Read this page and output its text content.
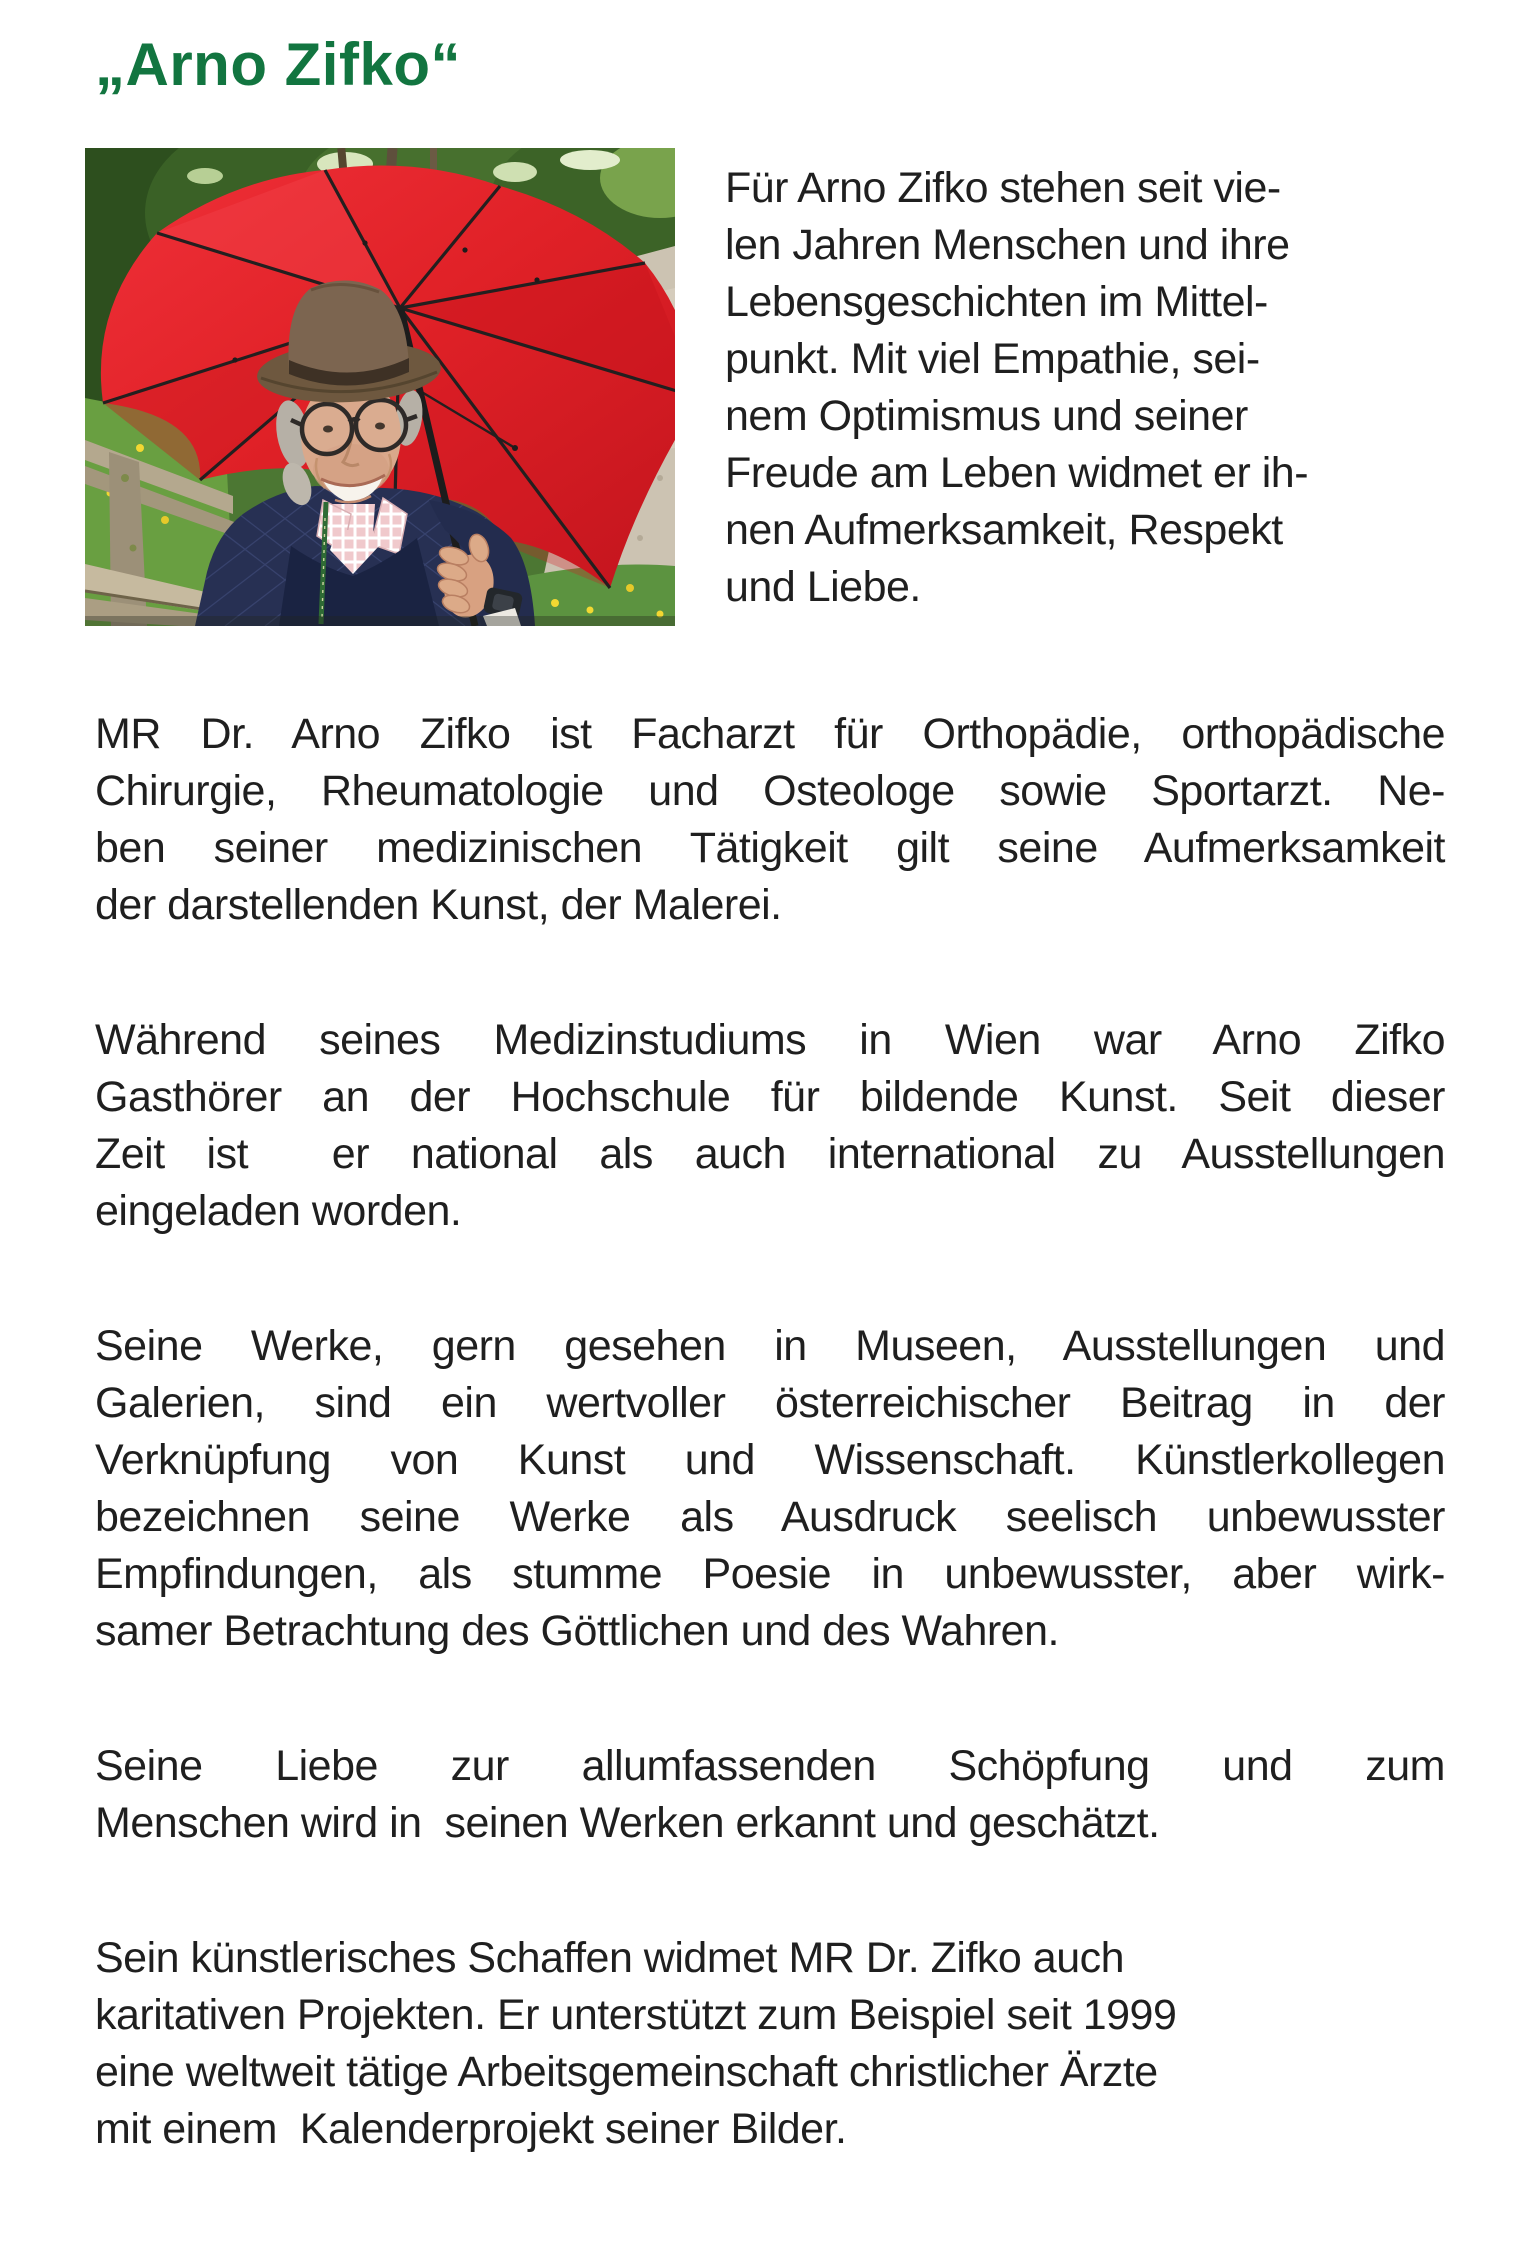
„Arno Zifko“
Für Arno Zifko stehen seit vie-
len Jahren Menschen und ihre
Lebensgeschichten im Mittel-
punkt. Mit viel Empathie, sei-
nem Optimismus und seiner
Freude am Leben widmet er ih-
nen Aufmerksamkeit, Respekt
und Liebe.
MR Dr. Arno Zifko ist Facharzt für Orthopädie, orthopädische
Chirurgie, Rheumatologie und Osteologe sowie Sportarzt. Ne-
ben seiner medizinischen Tätigkeit gilt seine Aufmerksamkeit
der darstellenden Kunst, der Malerei.
Während seines Medizinstudiums in Wien war Arno Zifko
Gasthörer an der Hochschule für bildende Kunst. Seit dieser
Zeit ist  er national als auch international zu Ausstellungen
eingeladen worden.
Seine Werke, gern gesehen in Museen, Ausstellungen und
Galerien, sind ein wertvoller österreichischer Beitrag in der
Verknüpfung von Kunst und Wissenschaft. Künstlerkollegen
bezeichnen seine Werke als Ausdruck seelisch unbewusster
Empfindungen, als stumme Poesie in unbewusster, aber wirk-
samer Betrachtung des Göttlichen und des Wahren.
Seine Liebe zur allumfassenden Schöpfung und zum
Menschen wird in  seinen Werken erkannt und geschätzt.
Sein künstlerisches Schaffen widmet MR Dr. Zifko auch
karitativen Projekten. Er unterstützt zum Beispiel seit 1999
eine weltweit tätige Arbeitsgemeinschaft christlicher Ärzte
mit einem  Kalenderprojekt seiner Bilder.
